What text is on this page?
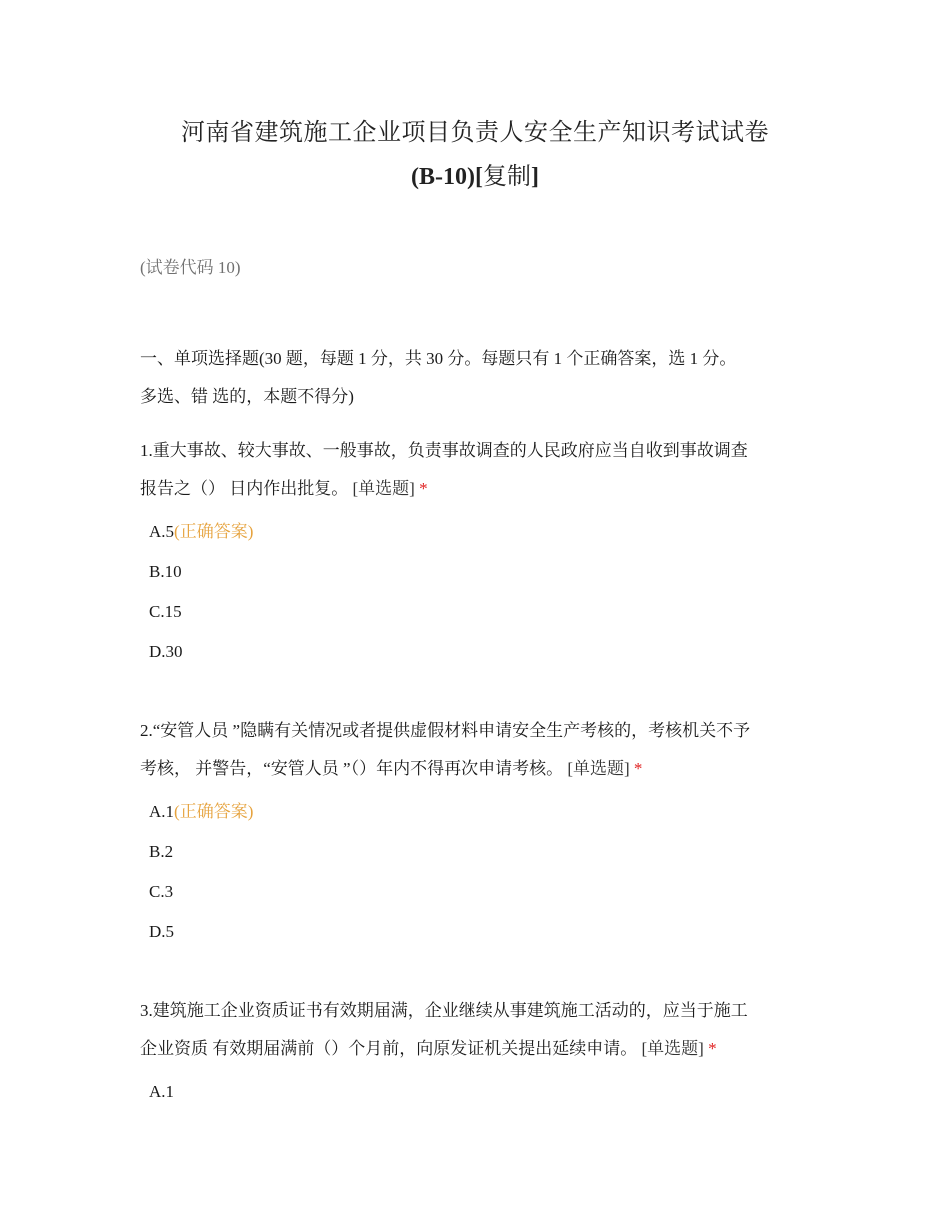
河南省建筑施工企业项目负责人安全生产知识考试试卷
(B-10)[复制]
(试卷代码 10)
一、单项选择题(30 题，每题 1 分，共 30 分。每题只有 1 个正确答案，选 1 分。
多选、错 选的，本题不得分)
1.重大事故、较大事故、一般事故，负责事故调查的人民政府应当自收到事故调查
报告之（） 日内作出批复。 [单选题] *
A.5(正确答案)
B.10
C.15
D.30
2.“安管人员 ”隐瞒有关情况或者提供虚假材料申请安全生产考核的，考核机关不予
考核， 并警告，“安管人员 ”（）年内不得再次申请考核。 [单选题] *
A.1(正确答案)
B.2
C.3
D.5
3.建筑施工企业资质证书有效期届满，企业继续从事建筑施工活动的，应当于施工
企业资质 有效期届满前（）个月前，向原发证机关提出延续申请。 [单选题] *
A.1
